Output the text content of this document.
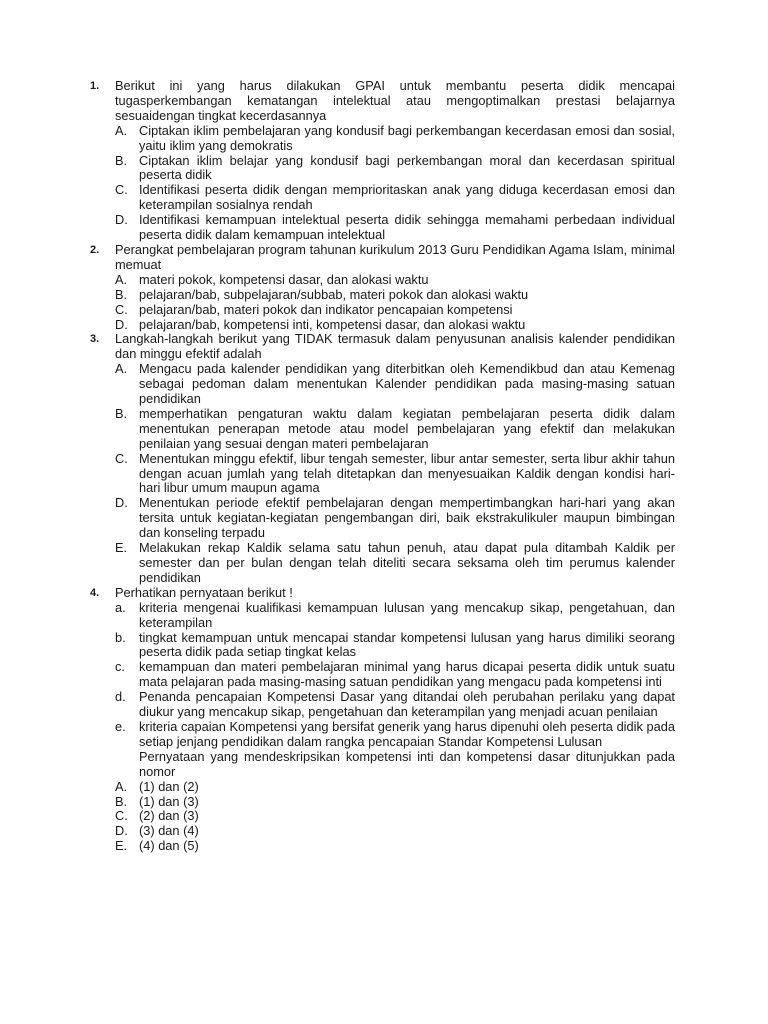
1. Berikut ini yang harus dilakukan GPAI untuk membantu peserta didik mencapai tugasperkembangan kematangan intelektual atau mengoptimalkan prestasi belajarnya sesuaidengan tingkat kecerdasannya
A. Ciptakan iklim pembelajaran yang kondusif bagi perkembangan kecerdasan emosi dan sosial, yaitu iklim yang demokratis
B. Ciptakan iklim belajar yang kondusif bagi perkembangan moral dan kecerdasan spiritual peserta didik
C. Identifikasi peserta didik dengan memprioritaskan anak yang diduga kecerdasan emosi dan keterampilan sosialnya rendah
D. Identifikasi kemampuan intelektual peserta didik sehingga memahami perbedaan individual peserta didik dalam kemampuan intelektual
2. Perangkat pembelajaran program tahunan kurikulum 2013 Guru Pendidikan Agama Islam, minimal memuat
A. materi pokok, kompetensi dasar, dan alokasi waktu
B. pelajaran/bab, subpelajaran/subbab, materi pokok dan alokasi waktu
C. pelajaran/bab, materi pokok dan indikator pencapaian kompetensi
D. pelajaran/bab, kompetensi inti, kompetensi dasar, dan alokasi waktu
3. Langkah-langkah berikut yang TIDAK termasuk dalam penyusunan analisis kalender pendidikan dan minggu efektif adalah
A. Mengacu pada kalender pendidikan yang diterbitkan oleh Kemendikbud dan atau Kemenag sebagai pedoman dalam menentukan Kalender pendidikan pada masing-masing satuan pendidikan
B. memperhatikan pengaturan waktu dalam kegiatan pembelajaran peserta didik dalam menentukan penerapan metode atau model pembelajaran yang efektif dan melakukan penilaian yang sesuai dengan materi pembelajaran
C. Menentukan minggu efektif, libur tengah semester, libur antar semester, serta libur akhir tahun dengan acuan jumlah yang telah ditetapkan dan menyesuaikan Kaldik dengan kondisi hari-hari libur umum maupun agama
D. Menentukan periode efektif pembelajaran dengan mempertimbangkan hari-hari yang akan tersita untuk kegiatan-kegiatan pengembangan diri, baik ekstrakulikuler maupun bimbingan dan konseling terpadu
E. Melakukan rekap Kaldik selama satu tahun penuh, atau dapat pula ditambah Kaldik per semester dan per bulan dengan telah diteliti secara seksama oleh tim perumus kalender pendidikan
4. Perhatikan pernyataan berikut !
a. kriteria mengenai kualifikasi kemampuan lulusan yang mencakup sikap, pengetahuan, dan keterampilan
b. tingkat kemampuan untuk mencapai standar kompetensi lulusan yang harus dimiliki seorang peserta didik pada setiap tingkat kelas
c. kemampuan dan materi pembelajaran minimal yang harus dicapai peserta didik untuk suatu mata pelajaran pada masing-masing satuan pendidikan yang mengacu pada kompetensi inti
d. Penanda pencapaian Kompetensi Dasar yang ditandai oleh perubahan perilaku yang dapat diukur yang mencakup sikap, pengetahuan dan keterampilan yang menjadi acuan penilaian
e. kriteria capaian Kompetensi yang bersifat generik yang harus dipenuhi oleh peserta didik pada setiap jenjang pendidikan dalam rangka pencapaian Standar Kompetensi Lulusan
Pernyataan yang mendeskripsikan kompetensi inti dan kompetensi dasar ditunjukkan pada nomor
A. (1) dan (2)
B. (1) dan (3)
C. (2) dan (3)
D. (3) dan (4)
E. (4) dan (5)
